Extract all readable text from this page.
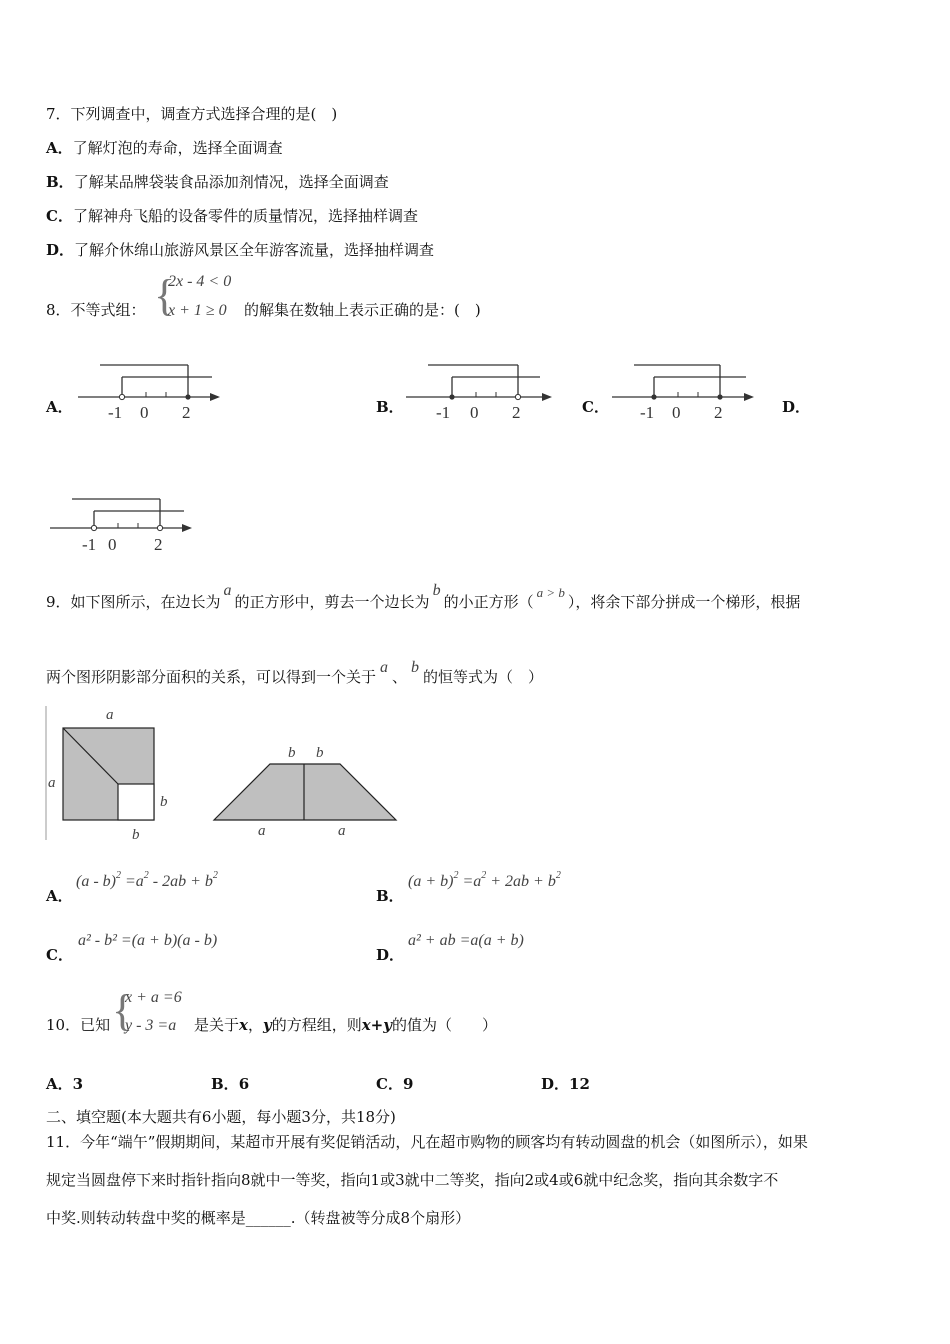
7．下列调查中，调查方式选择合理的是(　)
A．了解灯泡的寿命，选择全面调查
B．了解某品牌袋装食品添加剂情况，选择全面调查
C．了解神舟飞船的设备零件的质量情况，选择抽样调查
D．了解介休绵山旅游风景区全年游客流量，选择抽样调查
8．不等式组： {
2x - 4 < 0
x + 1 ≥ 0 的解集在数轴上表示正确的是：(　)
A．	B．	C．	D．
-1 0 2	-1 0 2	-1 0 2
-1 0 2
9．如下图所示，在边长为a的正方形中，剪去一个边长为b的小正方形（a > b），将余下部分拼成一个梯形，根据
两个图形阴影部分面积的关系，可以得到一个关于a、b的恒等式为（　）
a
a
b
b
b b
a	a
A．
$(a - b)^2 =a^2 - 2ab + b^2$
B．
$(a + b)^2 =a^2 + 2ab + b^2$
C．
a² - b² =(a + b)(a - b)
D．
a² + ab =a(a + b)
10．已知 {
x + a =6
y - 3 =a 是关于x，y的方程组，则x+y的值为（　　）
A．3	B．6	C．9	D．12
二、填空题(本大题共有6小题，每小题3分，共18分)
11．今年“端午”假期期间，某超市开展有奖促销活动，凡在超市购物的顾客均有转动圆盘的机会（如图所示），如果
规定当圆盘停下来时指针指向8就中一等奖，指向1或3就中二等奖，指向2或4或6就中纪念奖，指向其余数字不
中奖.则转动转盘中奖的概率是______.（转盘被等分成8个扇形）
